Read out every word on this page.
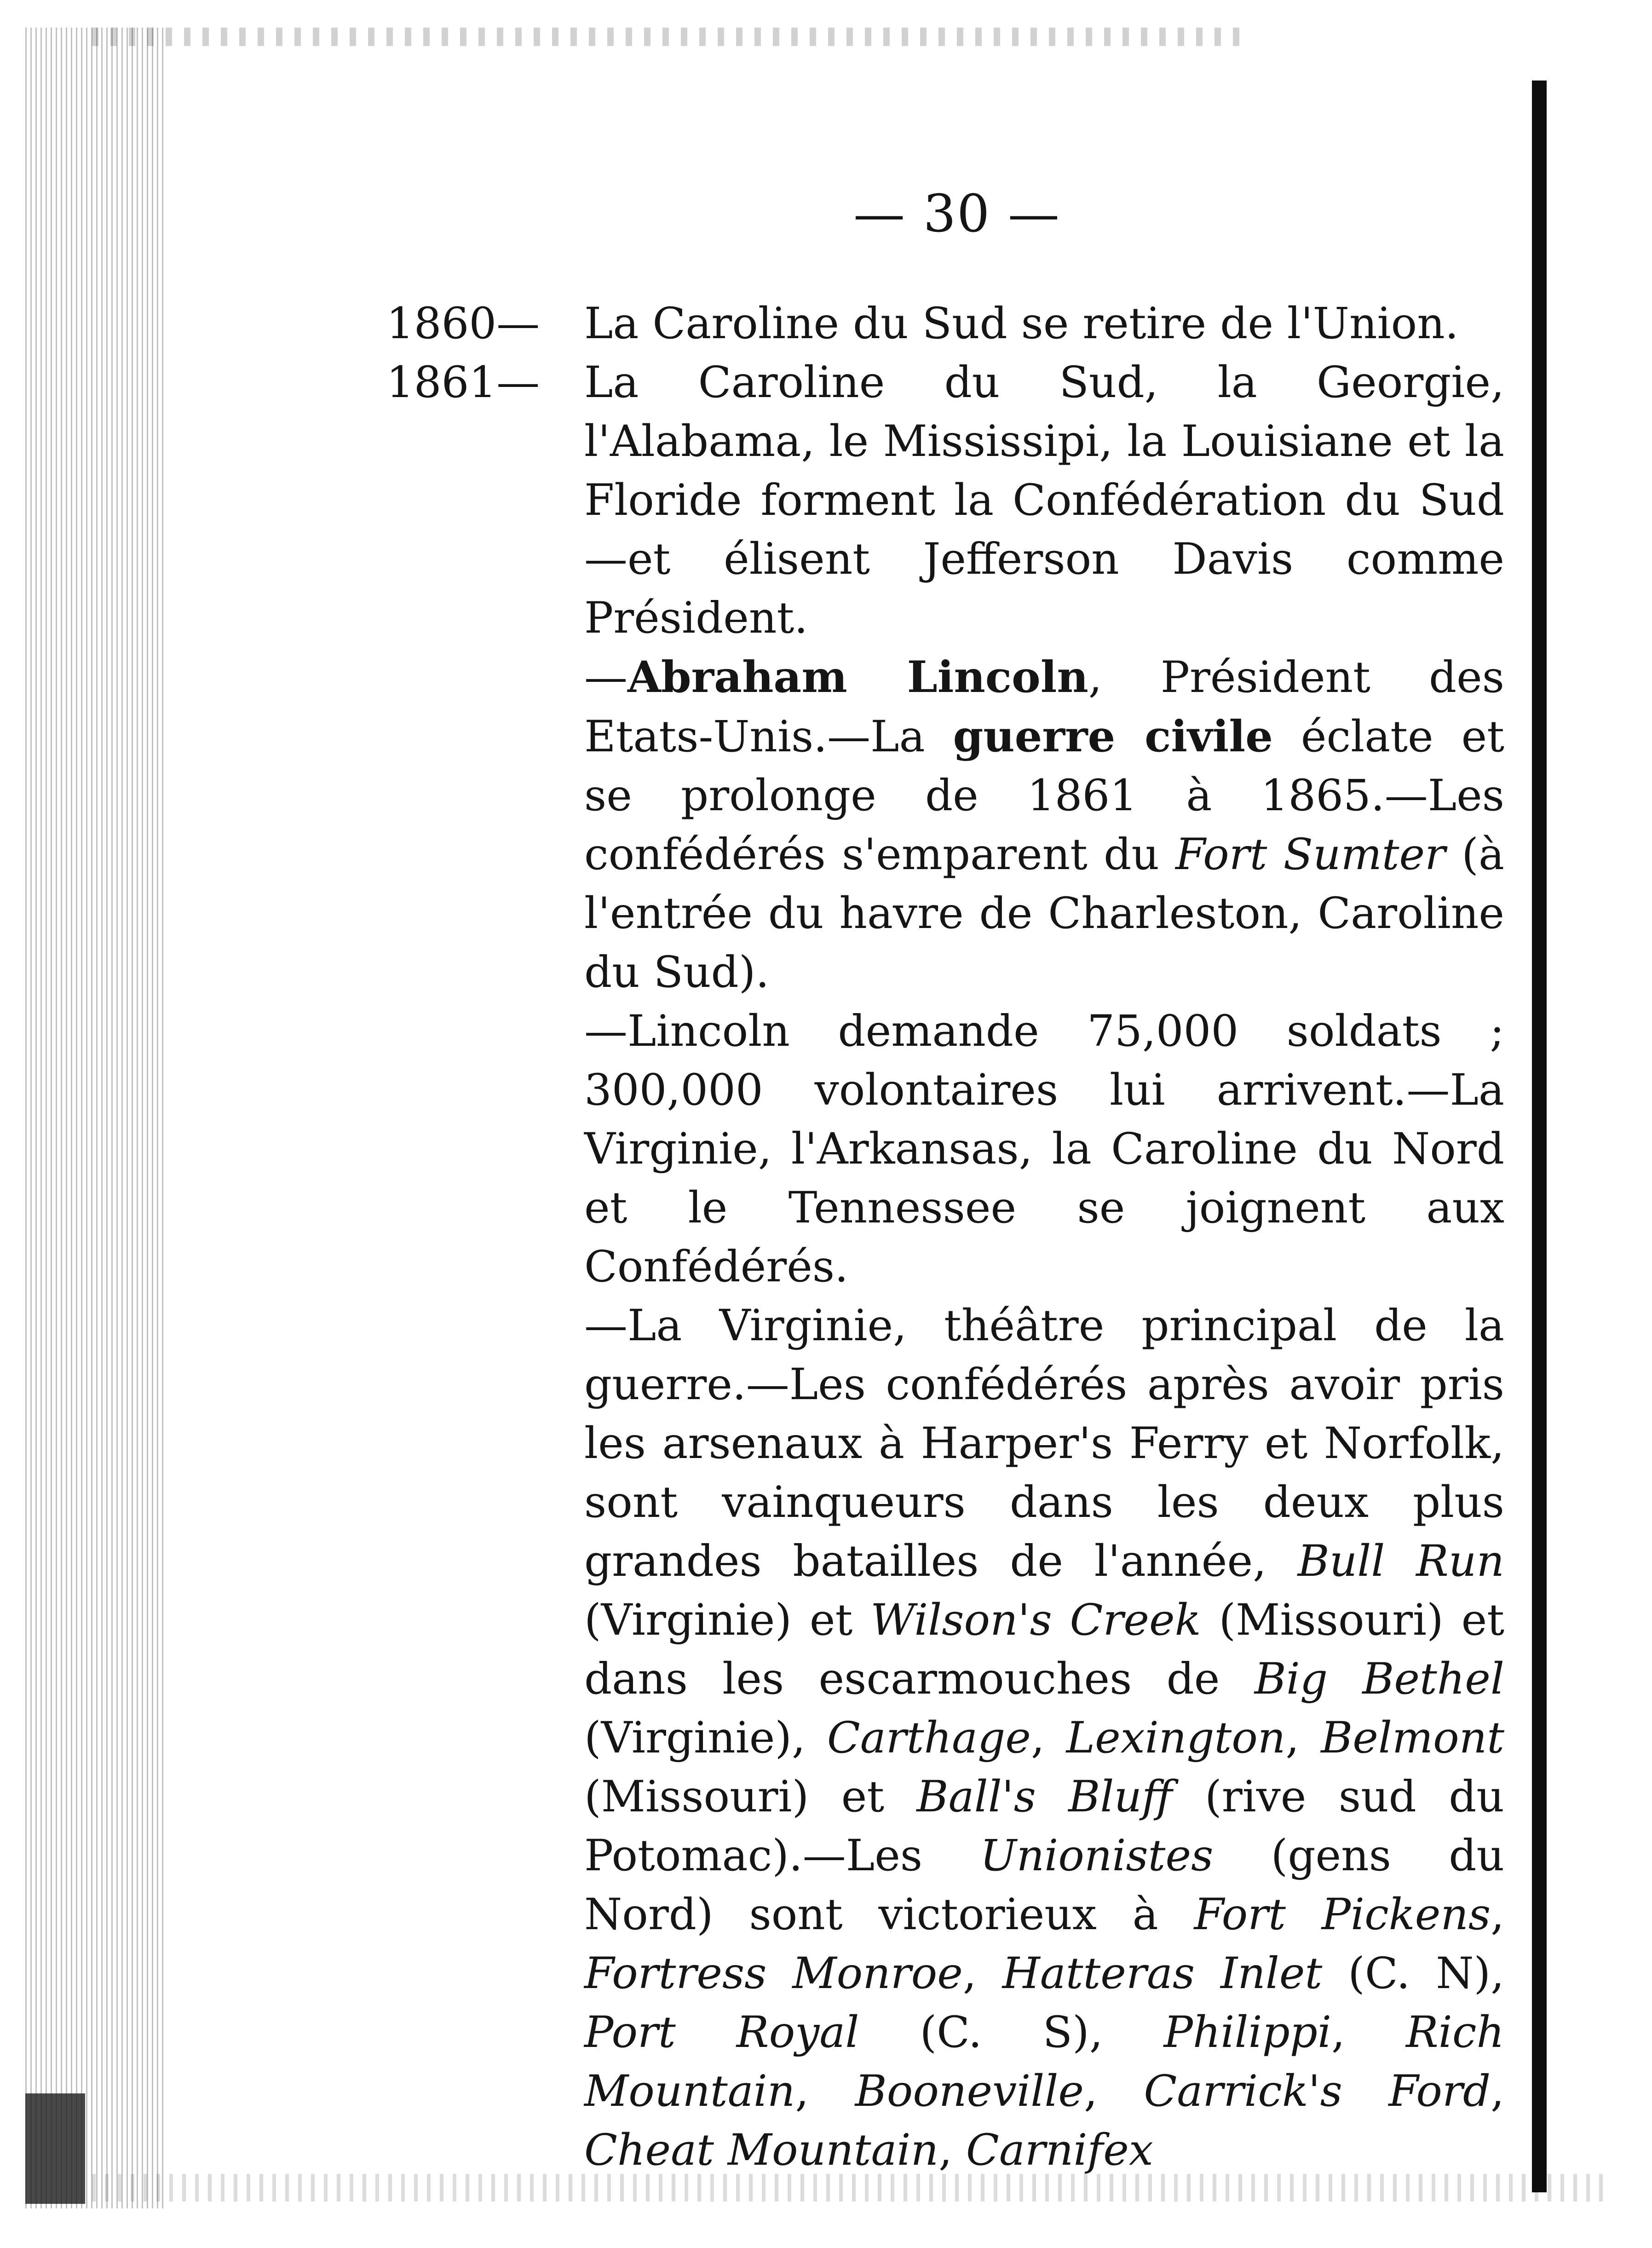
— 30 —

1860— La Caroline du Sud se retire de l'Union.

1861— La Caroline du Sud, la Georgie, l'Alabama, le Mississipi, la Louisiane et la Floride forment la Confédération du Sud—et élisent Jefferson Davis comme Président.
—Abraham Lincoln, Président des Etats-Unis.—La guerre civile éclate et se prolonge de 1861 à 1865.—Les confédérés s'emparent du Fort Sumter (à l'entrée du havre de Charleston, Caroline du Sud).
—Lincoln demande 75,000 soldats ; 300,000 volontaires lui arrivent.—La Virginie, l'Arkansas, la Caroline du Nord et le Tennessee se joignent aux Confédérés.
—La Virginie, théâtre principal de la guerre.—Les confédérés après avoir pris les arsenaux à Harper's Ferry et Norfolk, sont vainqueurs dans les deux plus grandes batailles de l'année, Bull Run (Virginie) et Wilson's Creek (Missouri) et dans les escarmouches de Big Bethel (Virginie), Carthage, Lexington, Belmont (Missouri) et Ball's Bluff (rive sud du Potomac).—Les Unionistes (gens du Nord) sont victorieux à Fort Pickens, Fortress Monroe, Hatteras Inlet (C. N), Port Royal (C. S), Philippi, Rich Mountain, Booneville, Carrick's Ford, Cheat Mountain, Carnifex
